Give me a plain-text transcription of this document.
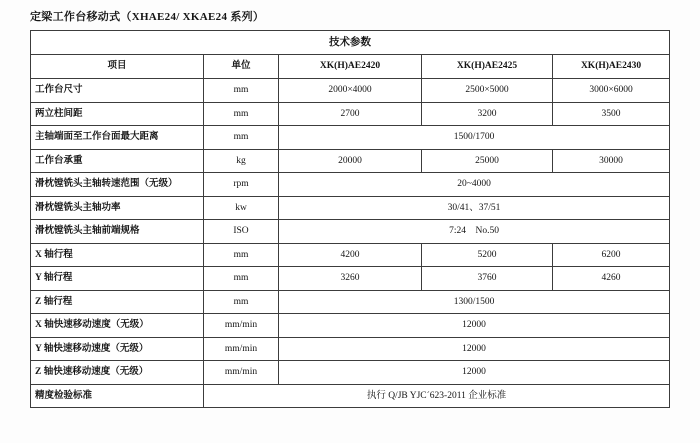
定梁工作台移动式（XHAE24/ XKAE24 系列）
技术参数				
项目	单位	XK(H)AE2420	XK(H)AE2425	XK(H)AE2430
工作台尺寸	mm	2000×4000	2500×5000	3000×6000
两立柱间距	mm	2700	3200	3500
主轴端面至工作台面最大距离	mm	1500/1700		
工作台承重	kg	20000	25000	30000
滑枕镗铣头主轴转速范围（无级）	rpm	20~4000		
滑枕镗铣头主轴功率	kw	30/41、37/51		
滑枕镗铣头主轴前端规格	ISO	7:24　No.50		
X 轴行程	mm	4200	5200	6200
Y 轴行程	mm	3260	3760	4260
Z 轴行程	mm	1300/1500		
X 轴快速移动速度（无级）	mm/min	12000		
Y 轴快速移动速度（无级）	mm/min	12000		
Z 轴快速移动速度（无级）	mm/min	12000		
精度检验标准	执行 Q/JB YJC´623-2011 企业标准			
